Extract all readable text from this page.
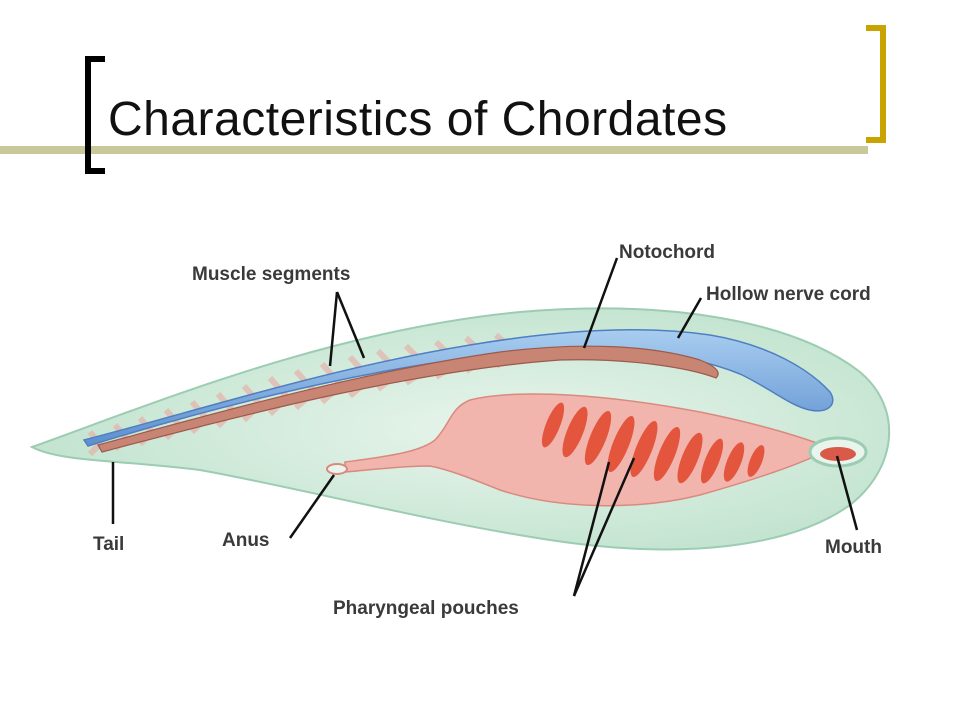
Characteristics of Chordates
Muscle segments
Notochord
Hollow nerve cord
Tail	Anus	Mouth
Pharyngeal pouches
